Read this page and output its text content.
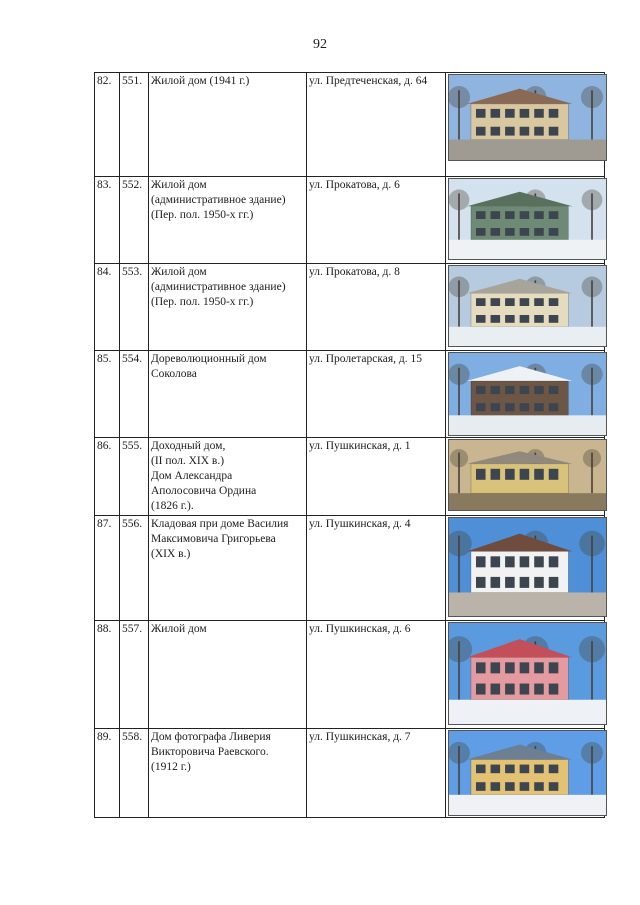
92
82.	551.	Жилой дом (1941 г.)	ул. Предтеченская, д. 64	

83.	552.	Жилой дом
(административное здание)
(Пер. пол. 1950-х гг.)	ул. Прокатова, д. 6	

84.	553.	Жилой дом
(административное здание)
(Пер. пол. 1950-х гг.)	ул. Прокатова, д. 8	

85.	554.	Дореволюционный дом
Соколова	ул. Пролетарская, д. 15	

86.	555.	Доходный дом,
(II пол. XIX в.)
Дом Александра
Аполосовича Ордина
(1826 г.).	ул. Пушкинская, д. 1	

87.	556.	Кладовая при доме Василия
Максимовича Григорьева
(XIX в.)	ул. Пушкинская, д. 4	

88.	557.	Жилой дом	ул. Пушкинская, д. 6	

89.	558.	Дом фотографа Ливерия
Викторовича Раевского.
(1912 г.)	ул. Пушкинская, д. 7	
